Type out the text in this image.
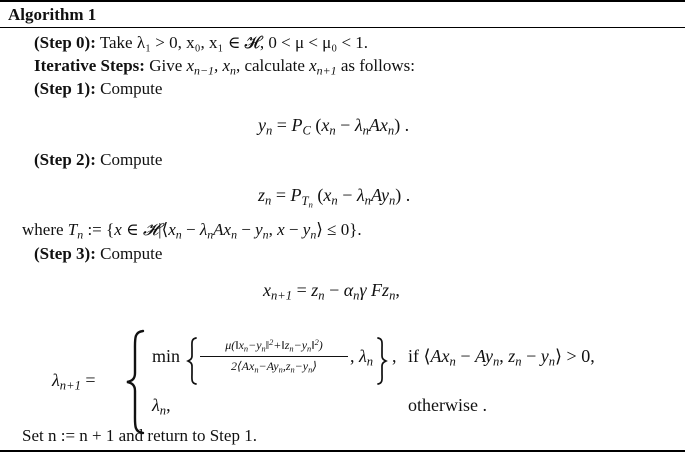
Algorithm 1
(Step 0): Take λ₁ > 0, x₀, x₁ ∈ 𝓗, 0 < μ < μ₀ < 1.
Iterative Steps: Give $x_{n-1}$, $x_n$, calculate $x_{n+1}$ as follows:
(Step 1): Compute
$y_n = P_C$ $(x_n - \lambda_nAx_n)$ .
(Step 2): Compute
$z_n = P_{T_n}$ $(x_n - \lambda_nAy_n)$ .
where $T_n$ := {x ∈ $𝓗|⟨x_n - \lambda_nAx_n - y_n$, $x - y_n⟩ \le 0$}.
(Step 3): Compute
$x_{n+1} = z_n - \alpha_n\gamma$ $Fz_n$,
$\lambda_{n+1}$ =
min
$\mu(‖x_n-y_n‖^2+‖z_n-y_n‖^2)$
$2⟨Ax_n-Ay_n,z_n-y_n⟩$	, $\lambda_n$ , if $⟨Ax_n - Ay_n$, $z_n$ − $y_n⟩ > 0$,
$\lambda_n$,	otherwise .
Set n := n + 1 and return to Step 1.
